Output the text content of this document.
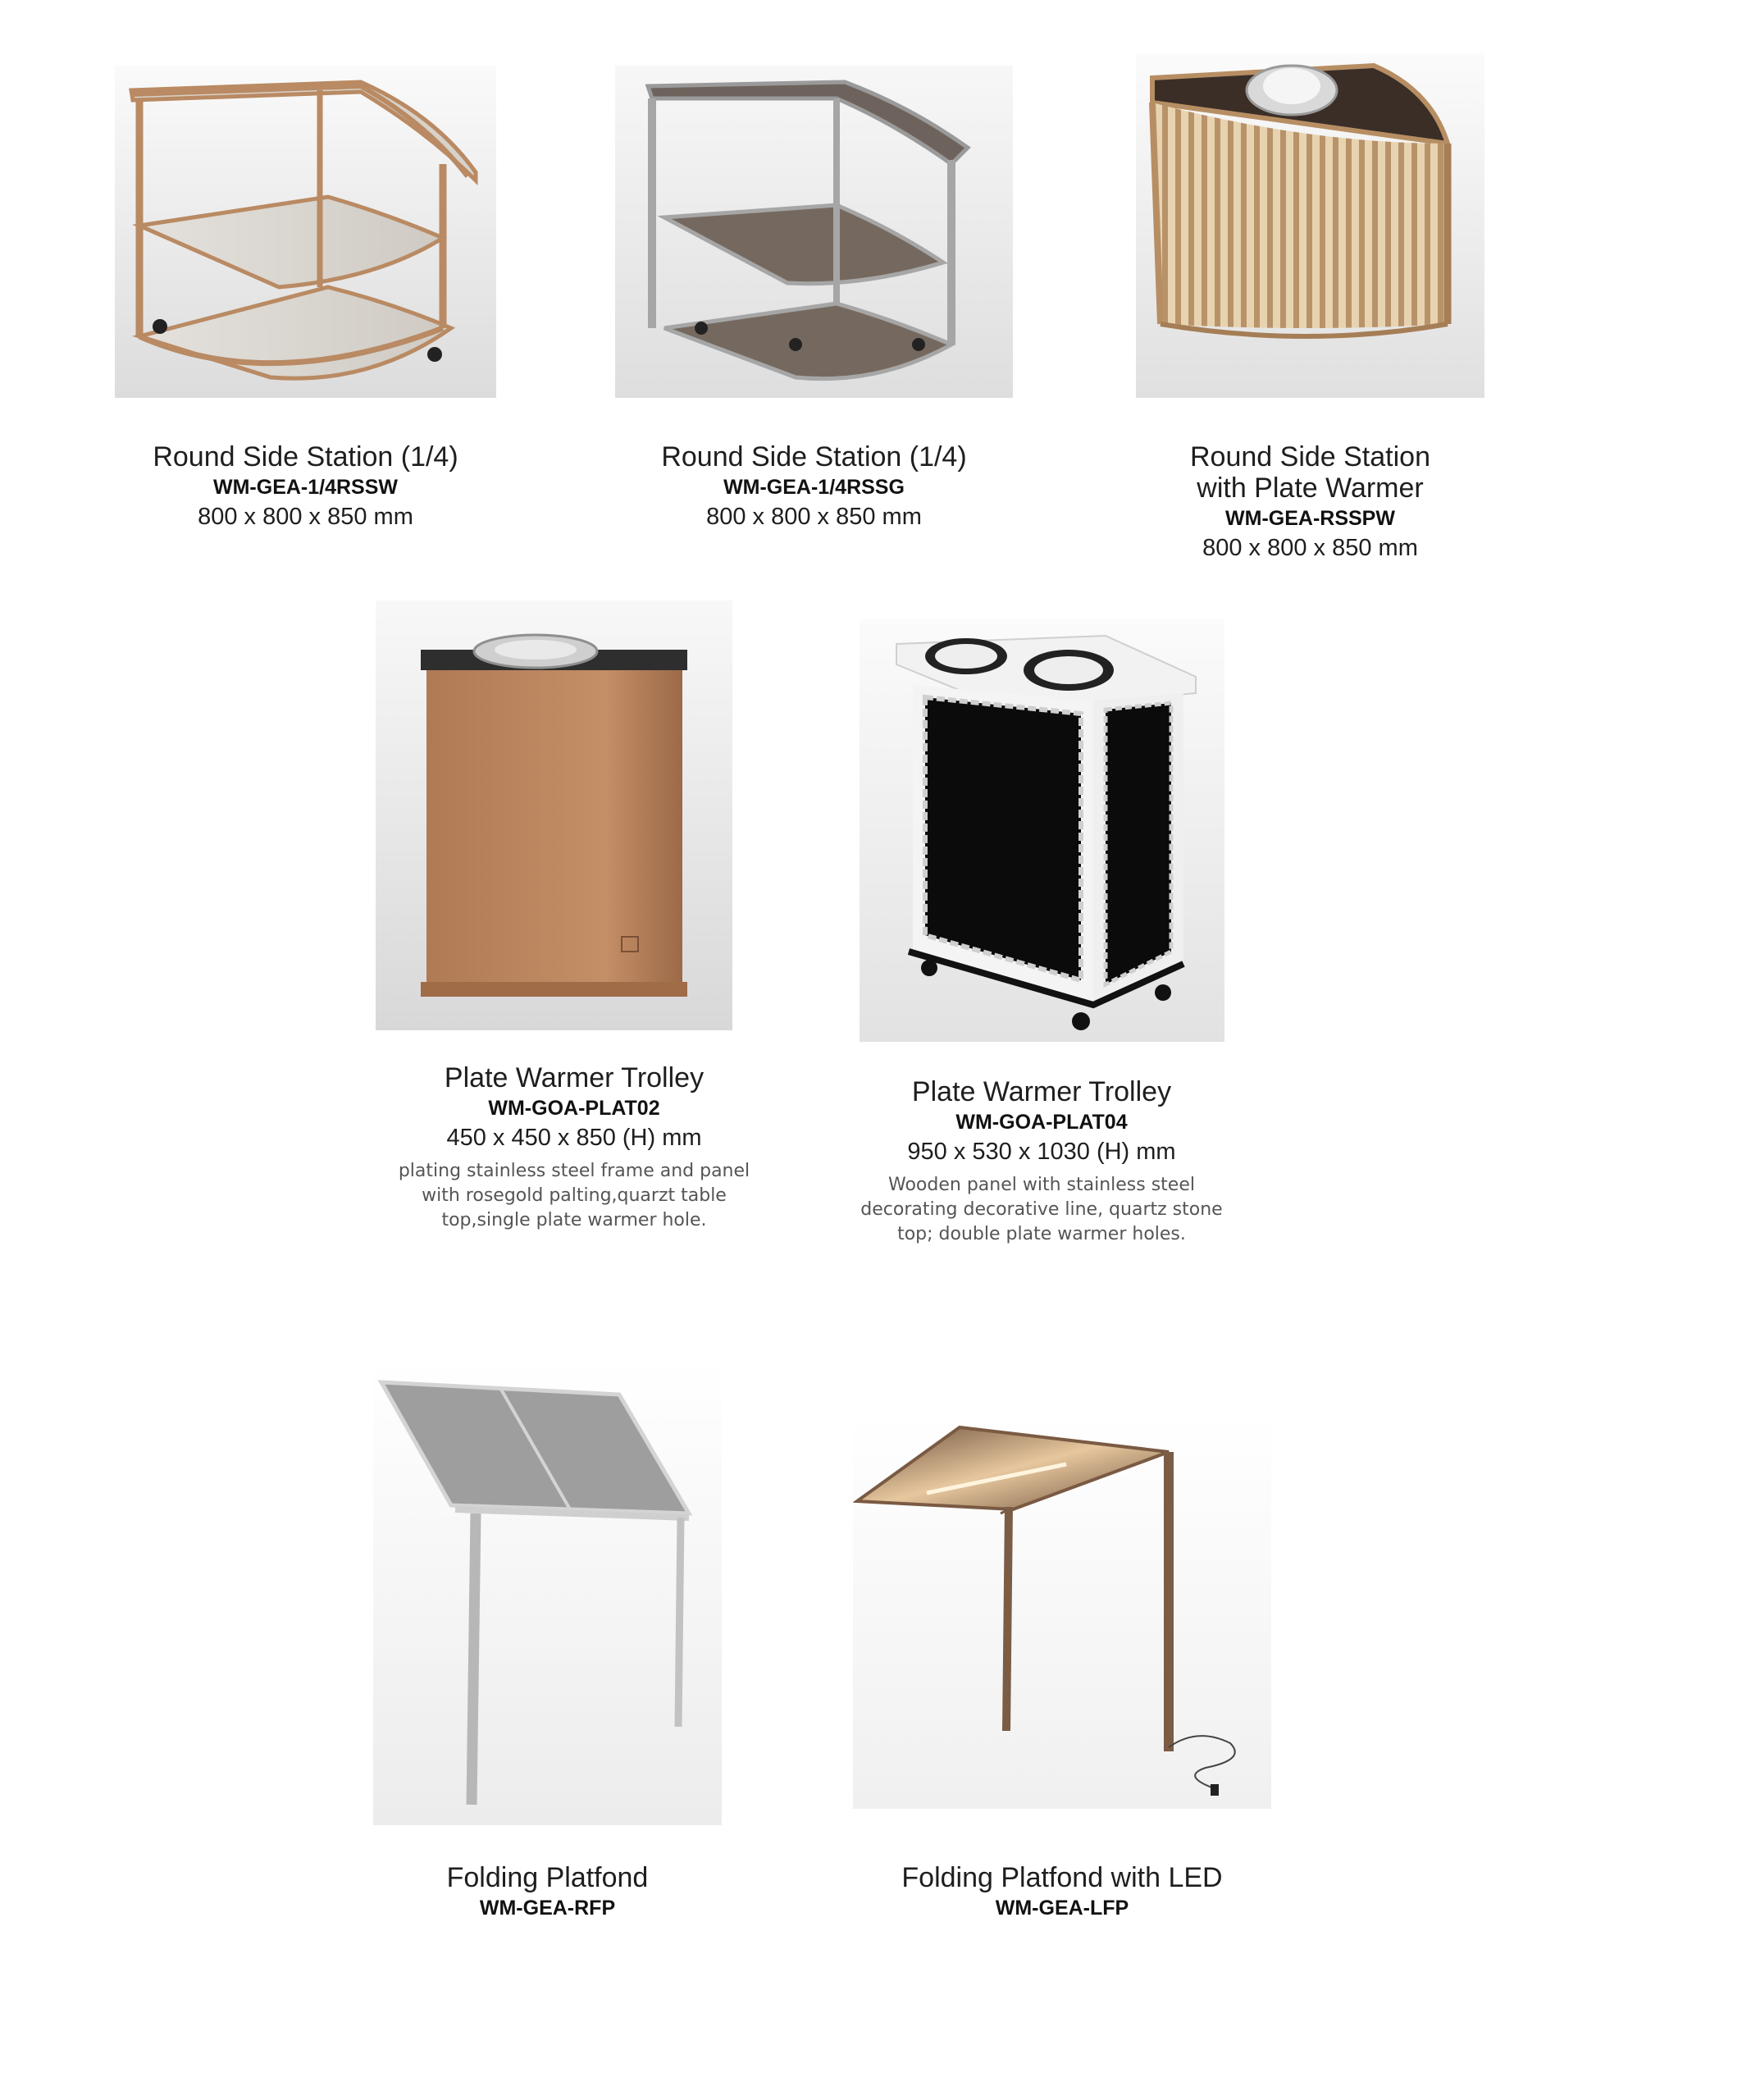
Round Side Station (1/4)
WM-GEA-1/4RSSW
800 x 800 x 850 mm
Round Side Station (1/4)
WM-GEA-1/4RSSG
800 x 800 x 850 mm
Round Side Station
with Plate Warmer
WM-GEA-RSSPW
800 x 800 x 850 mm
Plate Warmer Trolley
WM-GOA-PLAT02
450 x 450 x 850 (H) mm
plating stainless steel frame and panel
with rosegold palting,quarzt table
top,single plate warmer hole.
Plate Warmer Trolley
WM-GOA-PLAT04
950 x 530 x 1030 (H) mm
Wooden panel with stainless steel
decorating decorative line, quartz stone
top; double plate warmer holes.
Folding Platfond
WM-GEA-RFP
Folding Platfond with LED
WM-GEA-LFP
